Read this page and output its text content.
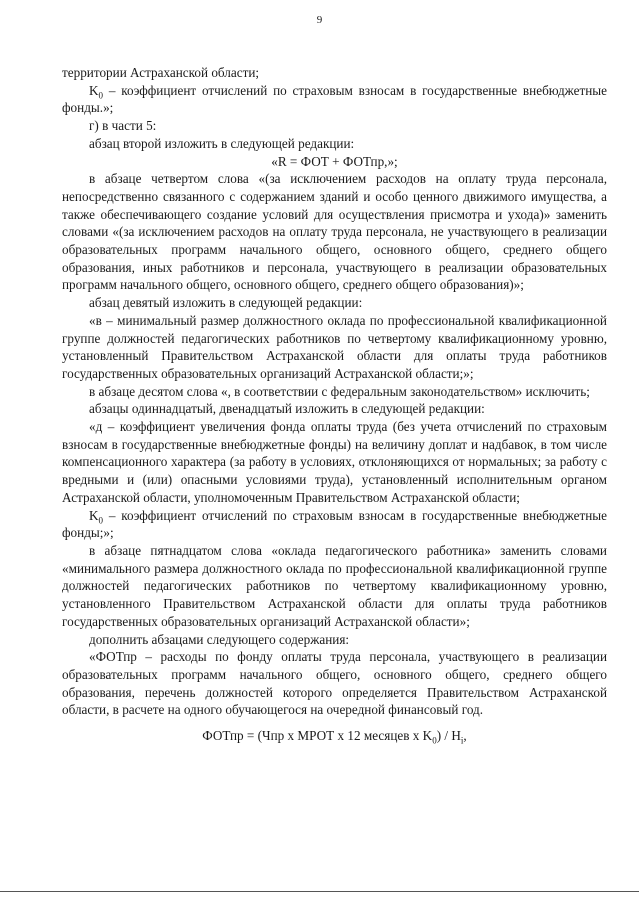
9

территории Астраханской области;

$K_0$ – коэффициент отчислений по страховым взносам в государственные внебюджетные фонды.»;

г) в части 5:

абзац второй изложить в следующей редакции:

«R = ФОТ + ФОТпр,»;

в абзаце четвертом слова «(за исключением расходов на оплату труда персонала, непосредственно связанного с содержанием зданий и особо ценного движимого имущества, а также обеспечивающего создание условий для осуществления присмотра и ухода)» заменить словами «(за исключением расходов на оплату труда персонала, не участвующего в реализации образовательных программ начального общего, основного общего, среднего общего образования, иных работников и персонала, участвующего в реализации образовательных программ начального общего, основного общего, среднего общего образования)»;

абзац девятый изложить в следующей редакции:

«в – минимальный размер должностного оклада по профессиональной квалификационной группе должностей педагогических работников по четвертому квалификационному уровню, установленный Правительством Астраханской области для оплаты труда работников государственных образовательных организаций Астраханской области;»;

в абзаце десятом слова «, в соответствии с федеральным законодательством» исключить;

абзацы одиннадцатый, двенадцатый изложить в следующей редакции:

«д – коэффициент увеличения фонда оплаты труда (без учета отчислений по страховым взносам в государственные внебюджетные фонды) на величину доплат и надбавок, в том числе компенсационного характера (за работу в условиях, отклоняющихся от нормальных; за работу с вредными и (или) опасными условиями труда), установленный исполнительным органом Астраханской области, уполномоченным Правительством Астраханской области;

$K_0$ – коэффициент отчислений по страховым взносам в государственные внебюджетные фонды;»;

в абзаце пятнадцатом слова «оклада педагогического работника» заменить словами «минимального размера должностного оклада по профессиональной квалификационной группе должностей педагогических работников по четвертому квалификационному уровню, установленного Правительством Астраханской области для оплаты труда работников государственных образовательных организаций Астраханской области»;

дополнить абзацами следующего содержания:

«ФОТпр – расходы по фонду оплаты труда персонала, участвующего в реализации образовательных программ начального общего, основного общего, среднего общего образования, перечень должностей которого определяется Правительством Астраханской области, в расчете на одного обучающегося на очередной финансовый год.

ФОТпр = (Чпр х МРОТ х 12 месяцев х $K_0) / Н_i$,
